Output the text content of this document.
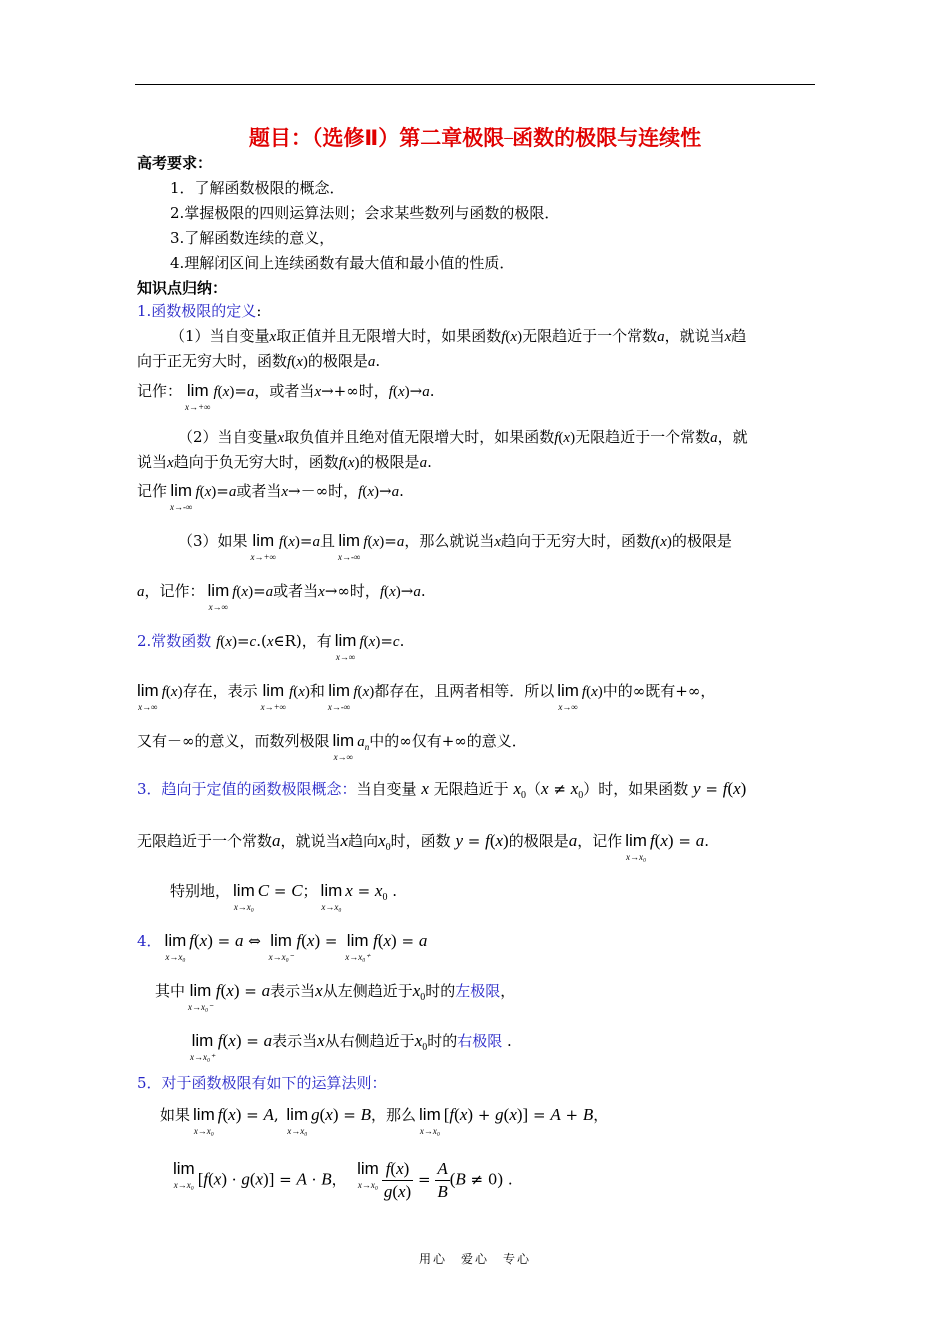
题目：（选修Ⅱ）第二章极限━━━函数的极限与连续性
高考要求：
1．了解函数极限的概念．
2.掌握极限的四则运算法则；会求某些数列与函数的极限．
3.了解函数连续的意义，
4.理解闭区间上连续函数有最大值和最小值的性质．
知识点归纳：
1.函数极限的定义:
（1）当自变量x取正值并且无限增大时，如果函数f(x)无限趋近于一个常数a，就说当x趋
向于正无穷大时，函数f(x)的极限是a.
记作： lim
x→+∞
f(x)=a，或者当x→+∞时，f(x)→a.
（2）当自变量x取负值并且绝对值无限增大时，如果函数f(x)无限趋近于一个常数a，就
说当x趋向于负无穷大时，函数f(x)的极限是a.
记作 lim
x→-∞
f(x)=a或者当x→－∞时，f(x)→a.
（3）如果 lim
x→+∞
f(x)=a且 lim
x→-∞
f(x)=a，那么就说当x趋向于无穷大时，函数f(x)的极限是
a，记作： lim
x→∞
f(x)=a或者当x→∞时，f(x)→a.
2.常数函数 f(x)=c.(x∈R)，有 lim
x→∞
f(x)=c.
lim
x→∞
f(x)存在，表示 lim
x→+∞
f(x)和 lim
x→-∞
f(x)都存在，且两者相等．所以 lim
x→∞
f(x)中的∞既有+∞，
又有－∞的意义，而数列极限 lim
x→∞
$a_n$中的∞仅有+∞的意义．
3．趋向于定值的函数极限概念：当自变量 x 无限趋近于 $x_0(x \ne x_0)$时，如果函数 y = f(x)
无限趋近于一个常数a，就说当x趋向$x_0$时，函数 y = f(x)的极限是a，记作 lim
x→x₀
f(x) = a.
特别地， lim
x→x₀
C = C； lim
x→x₀
$x = x_0$ .
4． lim
x→x₀
f(x) = a ⇔ lim
x→x₀⁻
f(x) = lim
x→x₀⁺
f(x) = a
其中 lim
x→x₀⁻
f(x) = a表示当x从左侧趋近于$x_0$时的左极限，
lim
x→x₀⁺
f(x) = a表示当x从右侧趋近于$x_0$时的右极限 .
5．对于函数极限有如下的运算法则：
如果 lim
x→x₀
f(x) = A, lim
x→x₀
g(x) = B，那么 lim
x→x₀
[f(x) + g(x)] = A + B，
lim
x→x₀ [f(x) · g(x)] = A · B，　
lim
$x\to x_0 \frac{f(x)}{g(x)} = \frac{A}{B} (B \ne 0)$ .
用心　爱心　专心
